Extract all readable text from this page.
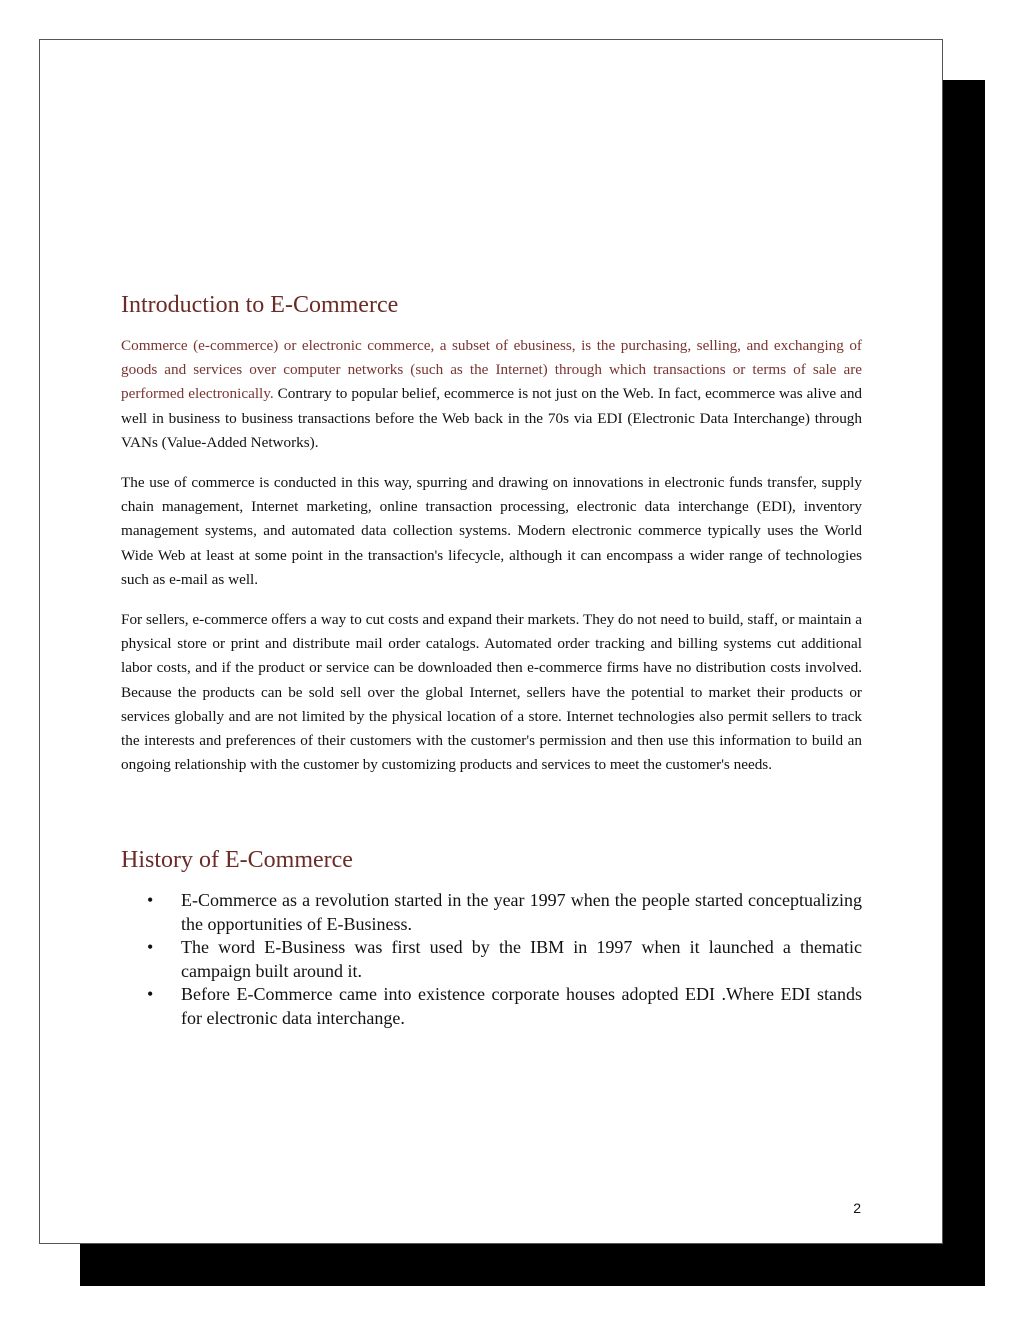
Introduction to E-Commerce

Commerce (e-commerce) or electronic commerce, a subset of ebusiness, is the purchasing, selling, and exchanging of goods and services over computer networks (such as the Internet) through which transactions or terms of sale are performed electronically. Contrary to popular belief, ecommerce is not just on the Web. In fact, ecommerce was alive and well in business to business transactions before the Web back in the 70s via EDI (Electronic Data Interchange) through VANs (Value-Added Networks).

The use of commerce is conducted in this way, spurring and drawing on innovations in electronic funds transfer, supply chain management, Internet marketing, online transaction processing, electronic data interchange (EDI), inventory management systems, and automated data collection systems. Modern electronic commerce typically uses the World Wide Web at least at some point in the transaction's lifecycle, although it can encompass a wider range of technologies such as e-mail as well.

For sellers, e-commerce offers a way to cut costs and expand their markets. They do not need to build, staff, or maintain a physical store or print and distribute mail order catalogs. Automated order tracking and billing systems cut additional labor costs, and if the product or service can be downloaded then e-commerce firms have no distribution costs involved. Because the products can be sold sell over the global Internet, sellers have the potential to market their products or services globally and are not limited by the physical location of a store. Internet technologies also permit sellers to track the interests and preferences of their customers with the customer's permission and then use this information to build an ongoing relationship with the customer by customizing products and services to meet the customer's needs.

History of E-Commerce
• E-Commerce as a revolution started in the year 1997 when the people started conceptualizing the opportunities of E-Business.
• The word E-Business was first used by the IBM in 1997 when it launched a thematic campaign built around it.
• Before E-Commerce came into existence corporate houses adopted EDI .Where EDI stands for electronic data interchange.
2
